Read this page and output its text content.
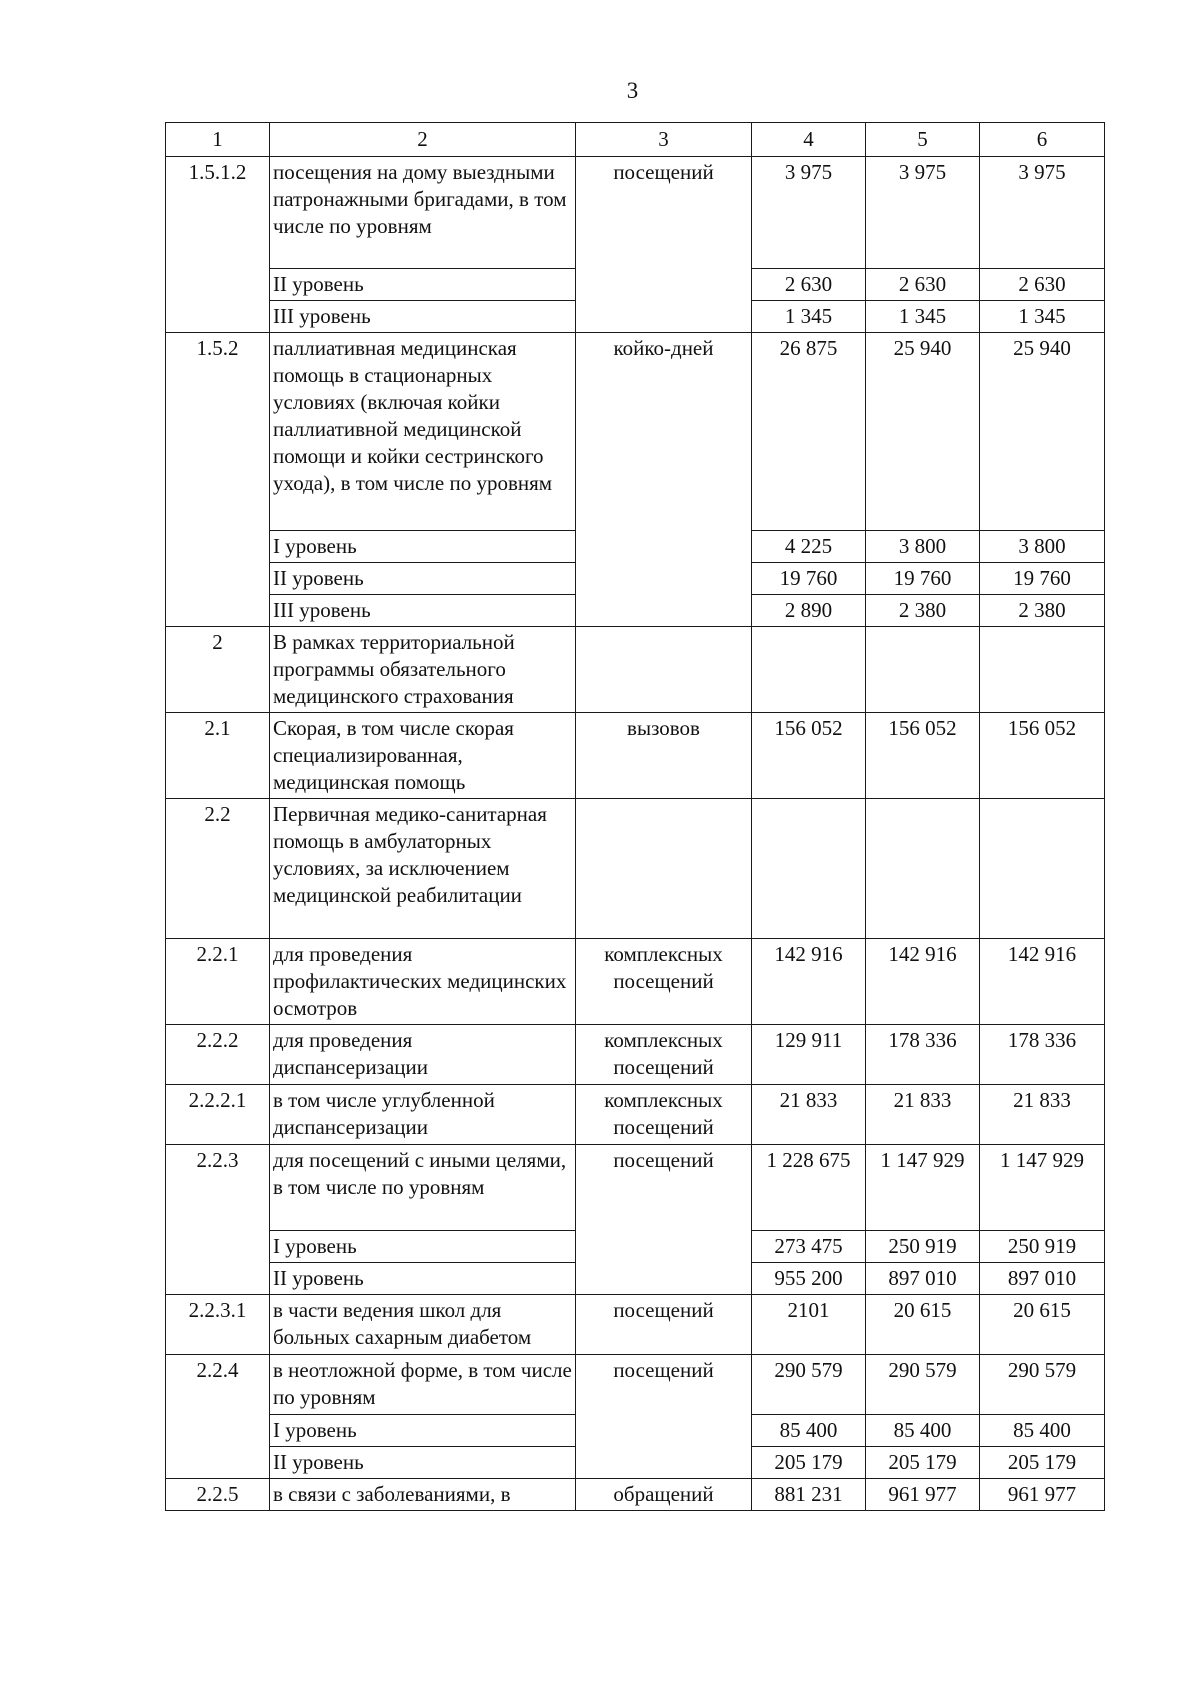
3
1	2	3	4	5	6
1.5.1.2	посещения на дому выездными патронажными бригадами, в том числе по уровням	посещений	3 975	3 975	3 975
	II уровень		2 630	2 630	2 630
	III уровень		1 345	1 345	1 345
1.5.2	паллиативная медицинская помощь в стационарных условиях (включая койки паллиативной медицинской помощи и койки сестринского ухода), в том числе по уровням	койко-дней	26 875	25 940	25 940
	I уровень		4 225	3 800	3 800
	II уровень		19 760	19 760	19 760
	III уровень		2 890	2 380	2 380
2	В рамках территориальной программы обязательного медицинского страхования				
2.1	Скорая, в том числе скорая специализированная, медицинская помощь	вызовов	156 052	156 052	156 052
2.2	Первичная медико-санитарная помощь в амбулаторных условиях, за исключением медицинской реабилитации				
2.2.1	для проведения профилактических медицинских осмотров	комплексных посещений	142 916	142 916	142 916
2.2.2	для проведения диспансеризации	комплексных посещений	129 911	178 336	178 336
2.2.2.1	в том числе углубленной диспансеризации	комплексных посещений	21 833	21 833	21 833
2.2.3	для посещений с иными целями, в том числе по уровням	посещений	1 228 675	1 147 929	1 147 929
	I уровень		273 475	250 919	250 919
	II уровень		955 200	897 010	897 010
2.2.3.1	в части ведения школ для больных сахарным диабетом	посещений	2101	20 615	20 615
2.2.4	в неотложной форме, в том числе по уровням	посещений	290 579	290 579	290 579
	I уровень		85 400	85 400	85 400
	II уровень		205 179	205 179	205 179
2.2.5	в связи с заболеваниями, в	обращений	881 231	961 977	961 977
